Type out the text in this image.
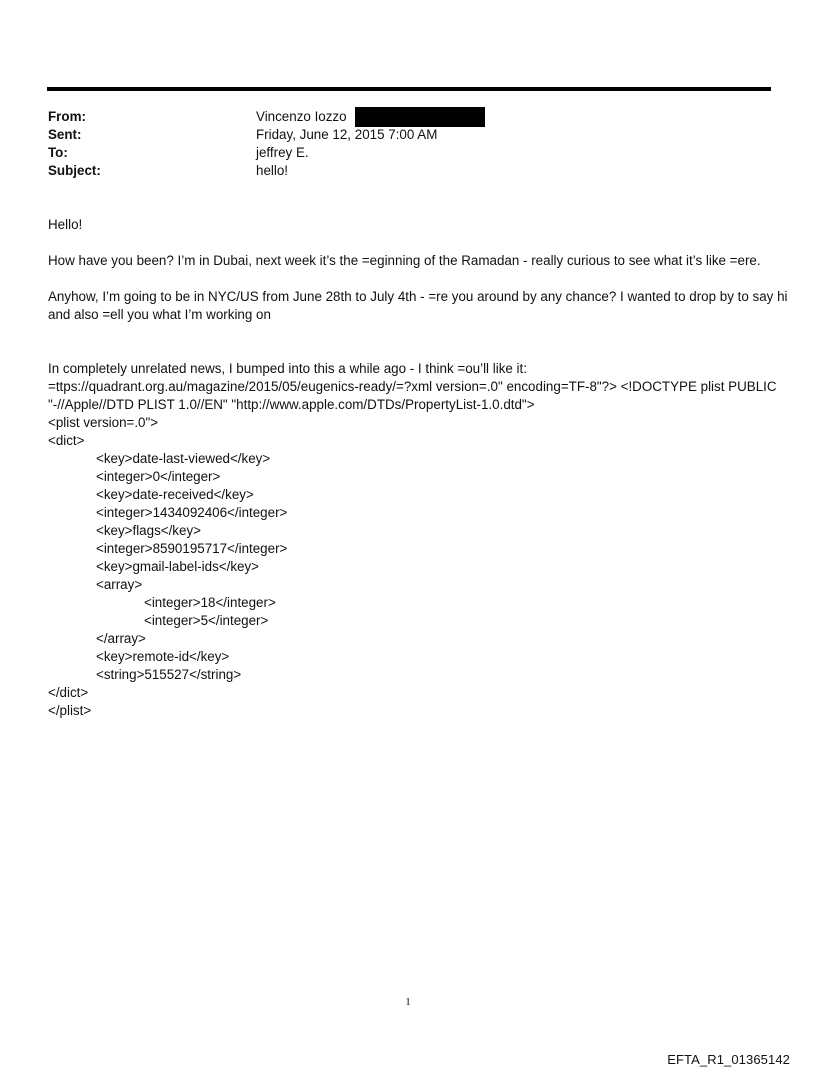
From:	Vincenzo Iozzo
Sent:	Friday, June 12, 2015 7:00 AM
To:	jeffrey E.
Subject:	hello!

Hello!

How have you been? I’m in Dubai, next week it’s the =eginning of the Ramadan - really curious to see what it’s like =ere.

Anyhow, I’m going to be in NYC/US from June 28th to July 4th - =re you around by any chance? I wanted to drop by to say hi and also =ell you what I’m working on

In completely unrelated news, I bumped into this a while ago - I think =ou’ll like it:

=ttps://quadrant.org.au/magazine/2015/05/eugenics-ready/=?xml version=.0" encoding=TF-8"?> <!DOCTYPE plist PUBLIC "-//Apple//DTD PLIST 1.0//EN" "http://www.apple.com/DTDs/PropertyList-1.0.dtd">

<plist version=.0">

<dict>

<key>date-last-viewed</key>

<integer>0</integer>

<key>date-received</key>

<integer>1434092406</integer>

<key>flags</key>

<integer>8590195717</integer>

<key>gmail-label-ids</key>

<array>

<integer>18</integer>

<integer>5</integer>

</array>

<key>remote-id</key>

<string>515527</string>

</dict>

</plist>

1
EFTA_R1_01365142
